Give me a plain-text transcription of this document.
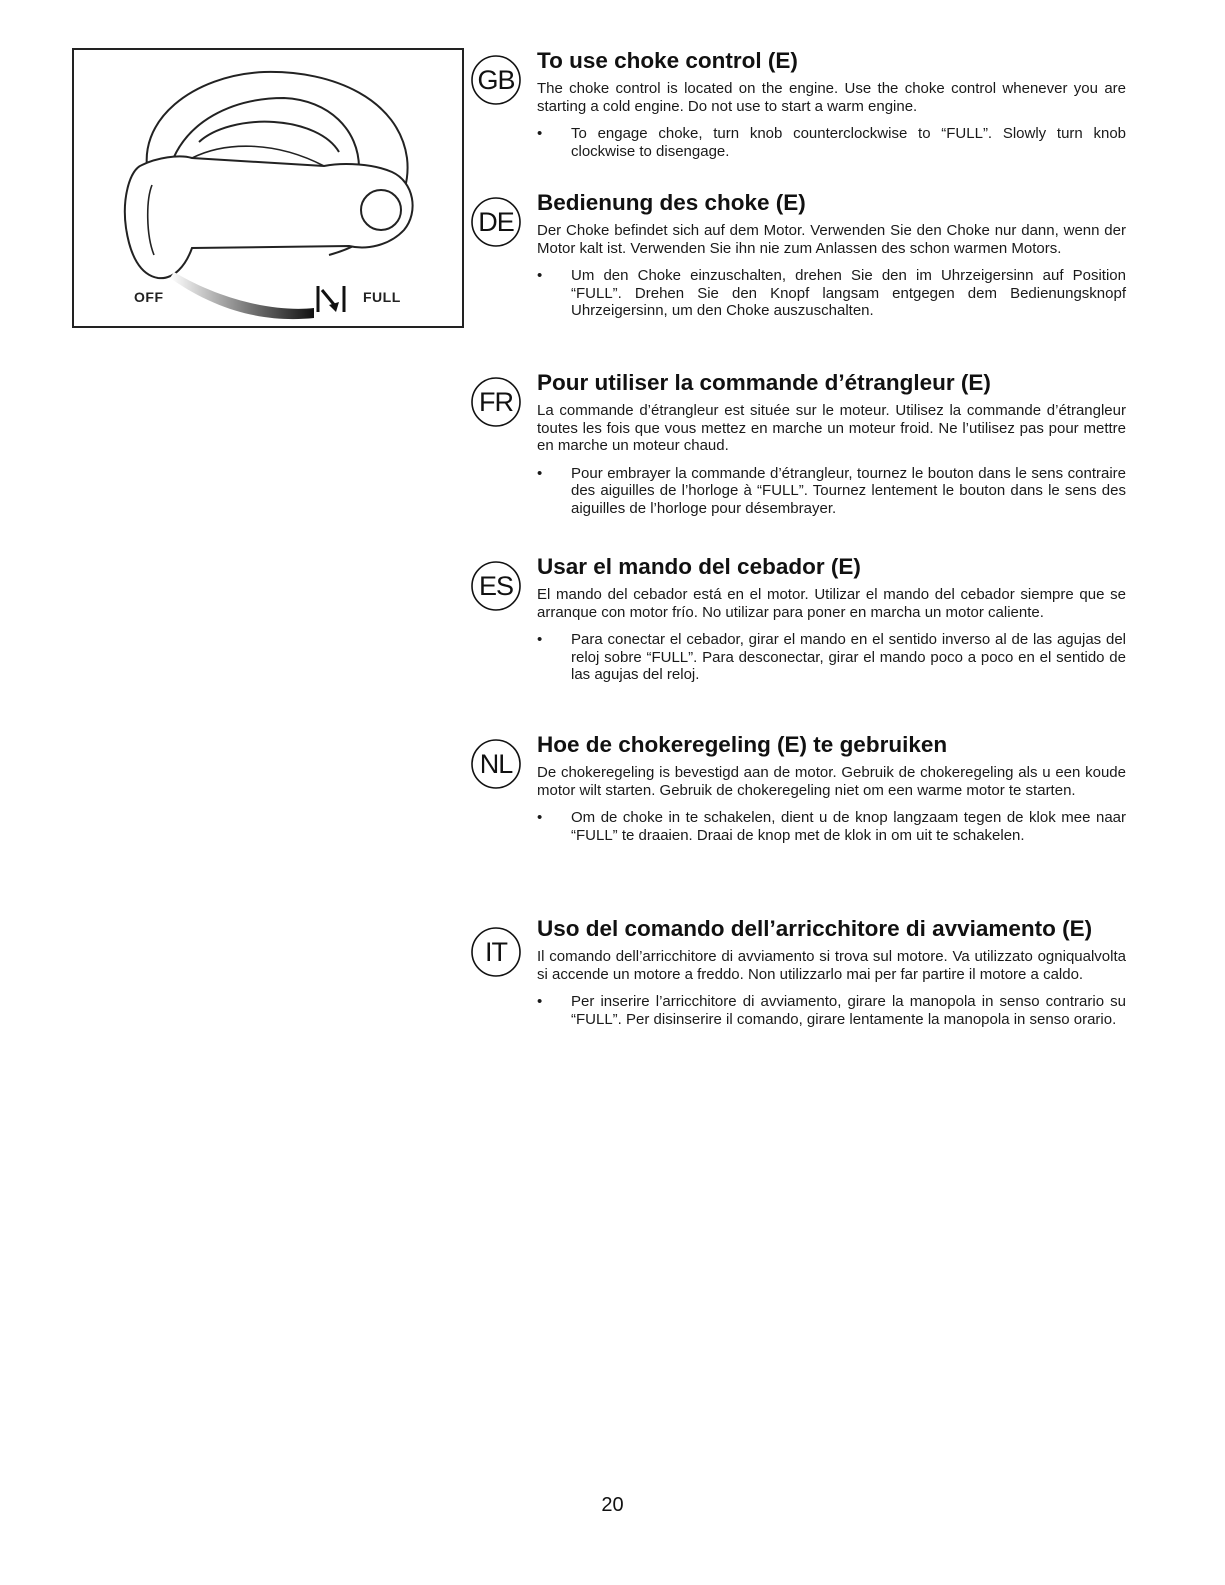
OFF	FULL
GB
To use choke control (E)

The choke control is located on the engine. Use the choke control whenever you are starting a cold engine. Do not use to start a warm engine.

• To engage choke, turn knob counterclockwise to “FULL”. Slowly turn knob clockwise to disengage.
DE
Bedienung des choke (E)

Der Choke befindet sich auf dem Motor. Verwenden Sie den Choke nur dann, wenn der Motor kalt ist. Verwenden Sie ihn nie zum Anlassen des schon warmen Motors.

• Um den Choke einzuschalten, drehen Sie den im Uhrzeigersinn auf Position “FULL”. Drehen Sie den Knopf langsam entgegen dem Bedienungsknopf Uhrzeigersinn, um den Choke auszuschalten.
FR
Pour utiliser la commande d’étrangleur (E)

La commande d’étrangleur est située sur le moteur. Utilisez la commande d’étrangleur toutes les fois que vous mettez en marche un moteur froid. Ne l’utilisez pas pour mettre en marche un moteur chaud.

• Pour embrayer la commande d’étrangleur, tournez le bouton dans le sens contraire des aiguilles de l’horloge à “FULL”. Tournez lentement le bouton dans le sens des aiguilles de l’horloge pour désembrayer.
ES
Usar el mando del cebador (E)

El mando del cebador está en el motor. Utilizar el mando del cebador siempre que se arranque con motor frío. No utilizar para poner en marcha un motor caliente.

• Para conectar el cebador, girar el mando en el sentido inverso al de las agujas del reloj sobre “FULL”. Para desconectar, girar el mando poco a poco en el sentido de las agujas del reloj.
NL
Hoe de chokeregeling (E) te gebruiken

De chokeregeling is bevestigd aan de motor. Gebruik de chokeregeling als u een koude motor wilt starten. Gebruik de chokeregeling niet om een warme motor te starten.

• Om de choke in te schakelen, dient u de knop langzaam tegen de klok mee naar “FULL” te draaien. Draai de knop met de klok in om uit te schakelen.
IT
Uso del comando dell’arricchitore di avviamento (E)

Il comando dell’arricchitore di avviamento si trova sul motore. Va utilizzato ogniqualvolta si accende un motore a freddo. Non utilizzarlo mai per far partire il motore a caldo.

• Per inserire l’arricchitore di avviamento, girare la manopola in senso contrario su “FULL”. Per disinserire il comando, girare lentamente la manopola in senso orario.
20
